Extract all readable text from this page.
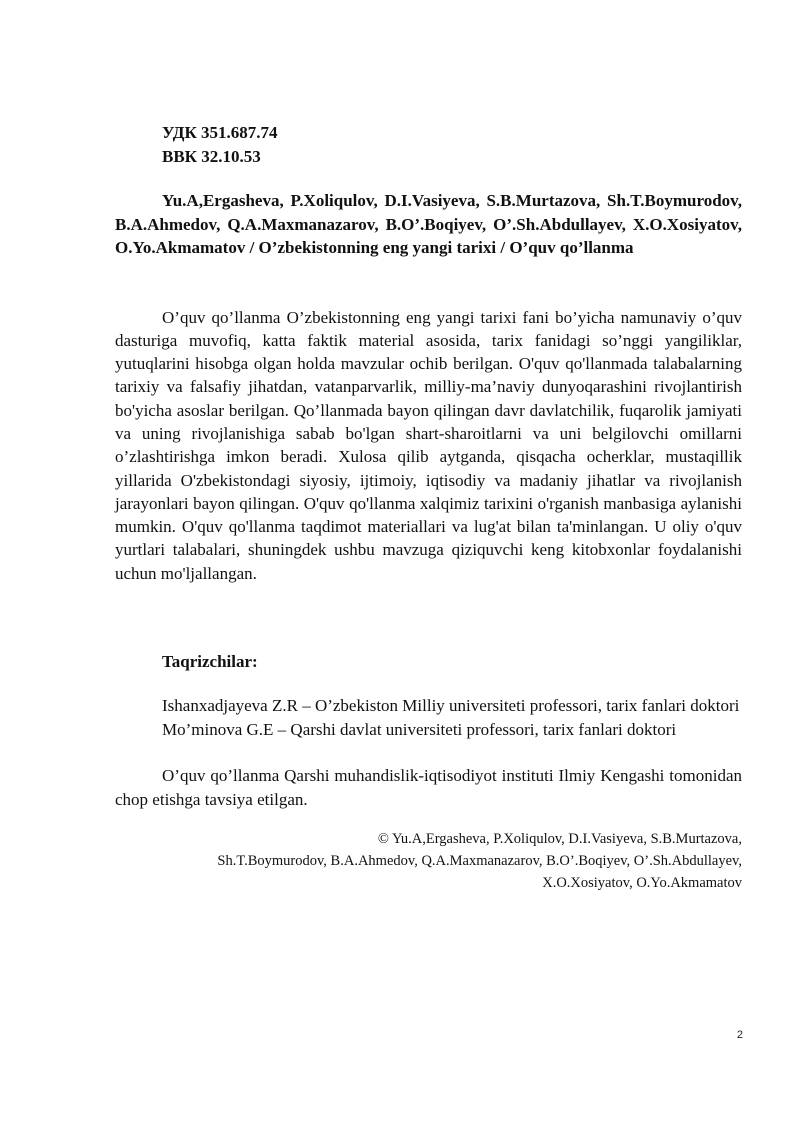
УДК 351.687.74
ВВК 32.10.53
Yu.A,Ergasheva, P.Xoliqulov, D.I.Vasiyeva, S.B.Murtazova, Sh.T.Boymurodov, B.A.Ahmedov, Q.A.Maxmanazarov, B.O’.Boqiyev, O’.Sh.Abdullayev, X.O.Xosiyatov, O.Yo.Akmamatov / O’zbekistonning eng yangi tarixi / O’quv qo’llanma
O’quv qo’llanma O’zbekistonning eng yangi tarixi fani bo’yicha namunaviy o’quv dasturiga muvofiq, katta faktik material asosida, tarix fanidagi so’nggi yangiliklar, yutuqlarini hisobga olgan holda mavzular ochib berilgan. O'quv qo'llanmada talabalarning tarixiy va falsafiy jihatdan, vatanparvarlik, milliy-ma’naviy dunyoqarashini rivojlantirish bo'yicha asoslar berilgan. Qo’llanmada bayon qilingan davr davlatchilik, fuqarolik jamiyati va uning rivojlanishiga sabab bo'lgan shart-sharoitlarni va uni belgilovchi omillarni o’zlashtirishga imkon beradi. Xulosa qilib aytganda, qisqacha ocherklar, mustaqillik yillarida O'zbekistondagi siyosiy, ijtimoiy, iqtisodiy va madaniy jihatlar va rivojlanish jarayonlari bayon qilingan. O'quv qo'llanma xalqimiz tarixini o'rganish manbasiga aylanishi mumkin. O'quv qo'llanma taqdimot materiallari va lug'at bilan ta'minlangan. U oliy o'quv yurtlari talabalari, shuningdek ushbu mavzuga qiziquvchi keng kitobxonlar foydalanishi uchun mo'ljallangan.
Taqrizchilar:

Ishanxadjayeva Z.R – O’zbekiston Milliy universiteti professori, tarix fanlari doktori

Mo’minova G.E – Qarshi davlat universiteti professori, tarix fanlari doktori

O’quv qo’llanma Qarshi muhandislik-iqtisodiyot instituti Ilmiy Kengashi tomonidan chop etishga tavsiya etilgan.
© Yu.A,Ergasheva, P.Xoliqulov, D.I.Vasiyeva, S.B.Murtazova,
Sh.T.Boymurodov, B.A.Ahmedov, Q.A.Maxmanazarov, B.O’.Boqiyev, O’.Sh.Abdullayev,
X.O.Xosiyatov, O.Yo.Akmamatov
2
